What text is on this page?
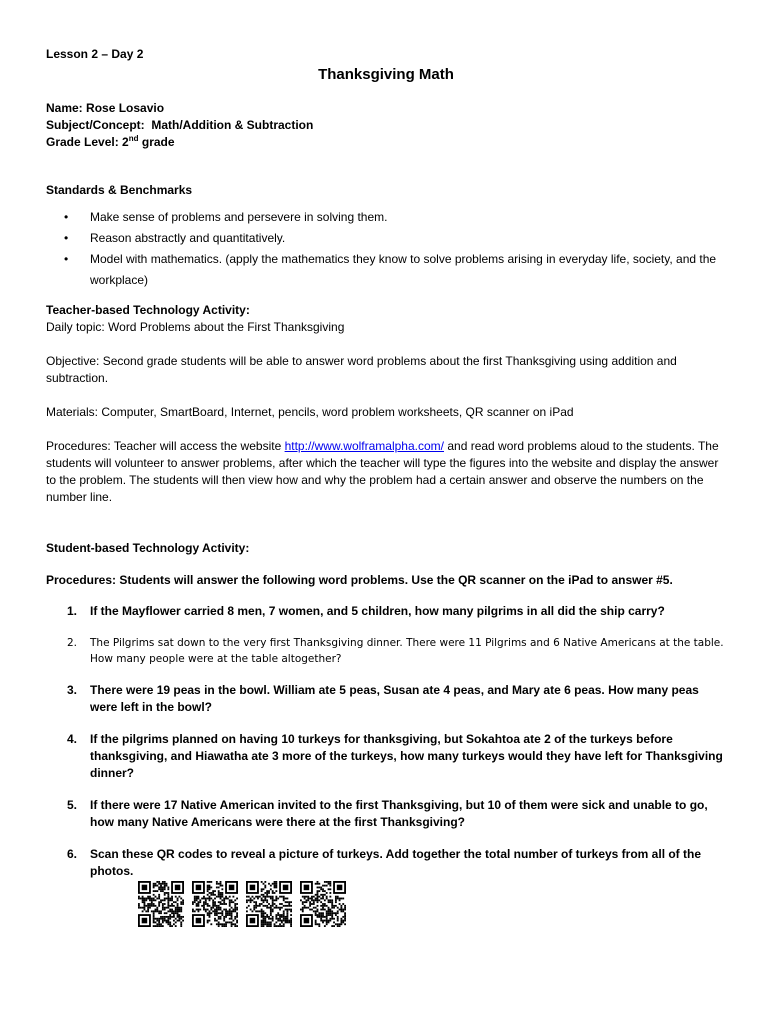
Lesson 2 – Day 2

Thanksgiving Math

Name: Rose Losavio

Subject/Concept: Math/Addition & Subtraction

Grade Level: 2nd grade

Standards & Benchmarks

• Make sense of problems and persevere in solving them.
• Reason abstractly and quantitatively.
• Model with mathematics. (apply the mathematics they know to solve problems arising in everyday life, society, and the workplace)

Teacher-based Technology Activity:

Daily topic: Word Problems about the First Thanksgiving

Objective: Second grade students will be able to answer word problems about the first Thanksgiving using addition and subtraction.

Materials: Computer, SmartBoard, Internet, pencils, word problem worksheets, QR scanner on iPad

Procedures: Teacher will access the website http://www.wolframalpha.com/ and read word problems aloud to the students. The students will volunteer to answer problems, after which the teacher will type the figures into the website and display the answer to the problem. The students will then view how and why the problem had a certain answer and observe the numbers on the number line.

Student-based Technology Activity:

Procedures: Students will answer the following word problems. Use the QR scanner on the iPad to answer #5.

1. If the Mayflower carried 8 men, 7 women, and 5 children, how many pilgrims in all did the ship carry?
2. The Pilgrims sat down to the very first Thanksgiving dinner. There were 11 Pilgrims and 6 Native Americans at the table. How many people were at the table altogether?
3. There were 19 peas in the bowl. William ate 5 peas, Susan ate 4 peas, and Mary ate 6 peas. How many peas were left in the bowl?
4. If the pilgrims planned on having 10 turkeys for thanksgiving, but Sokahtoa ate 2 of the turkeys before thanksgiving, and Hiawatha ate 3 more of the turkeys, how many turkeys would they have left for Thanksgiving dinner?
5. If there were 17 Native American invited to the first Thanksgiving, but 10 of them were sick and unable to go, how many Native Americans were there at the first Thanksgiving?
6. Scan these QR codes to reveal a picture of turkeys. Add together the total number of turkeys from all of the photos.
